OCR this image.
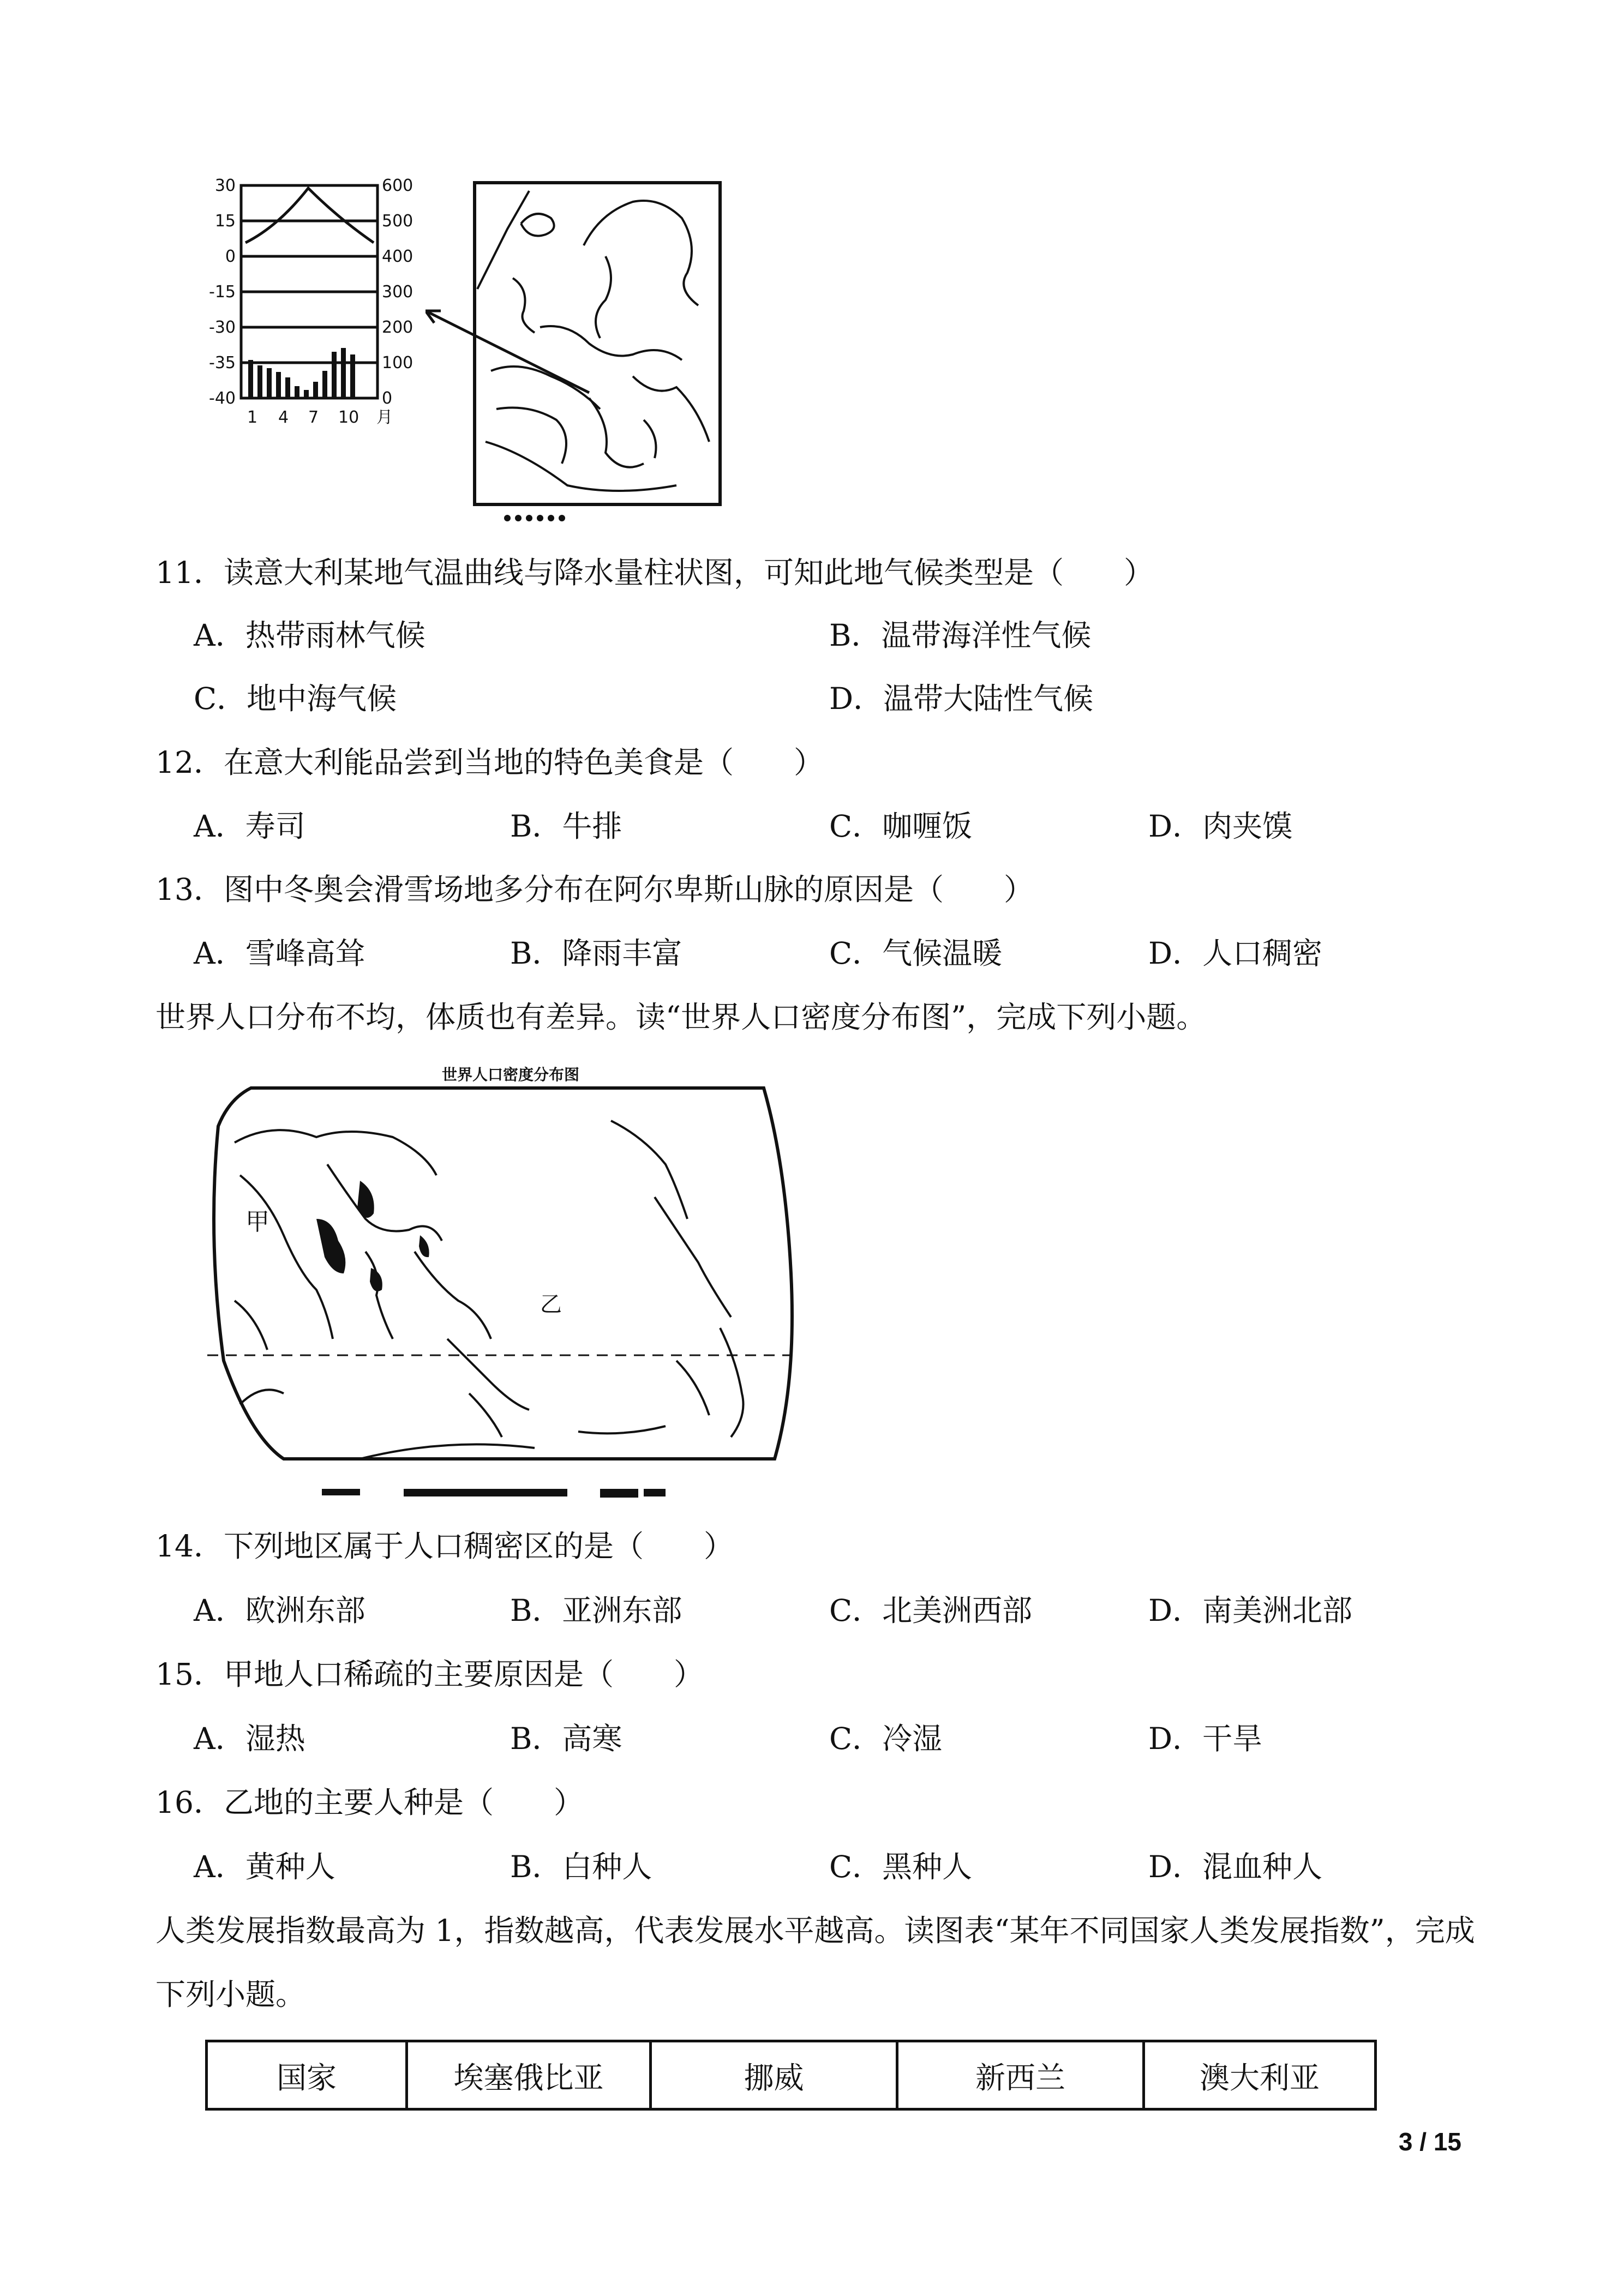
30
15
0
-15
-30
-35
-40
600
500
400
300
200
100
0
1 4 7 10 月
11．读意大利某地气温曲线与降水量柱状图，可知此地气候类型是（　　）
A．热带雨林气候	B．温带海洋性气候
C．地中海气候	D．温带大陆性气候
12．在意大利能品尝到当地的特色美食是（　　）
A．寿司	B．牛排	C．咖喱饭	D．肉夹馍
13．图中冬奥会滑雪场地多分布在阿尔卑斯山脉的原因是（　　）
A．雪峰高耸	B．降雨丰富	C．气候温暖	D．人口稠密
世界人口分布不均，体质也有差异。读“世界人口密度分布图”，完成下列小题。
世界人口密度分布图
甲
乙
14．下列地区属于人口稠密区的是（　　）
A．欧洲东部	B．亚洲东部	C．北美洲西部	D．南美洲北部
15．甲地人口稀疏的主要原因是（　　）
A．湿热	B．高寒	C．冷湿	D．干旱
16．乙地的主要人种是（　　）
A．黄种人	B．白种人	C．黑种人	D．混血种人
人类发展指数最高为 1，指数越高，代表发展水平越高。读图表“某年不同国家人类发展指数”，完成
下列小题。
国家	埃塞俄比亚	挪威	新西兰	澳大利亚
3 / 15
